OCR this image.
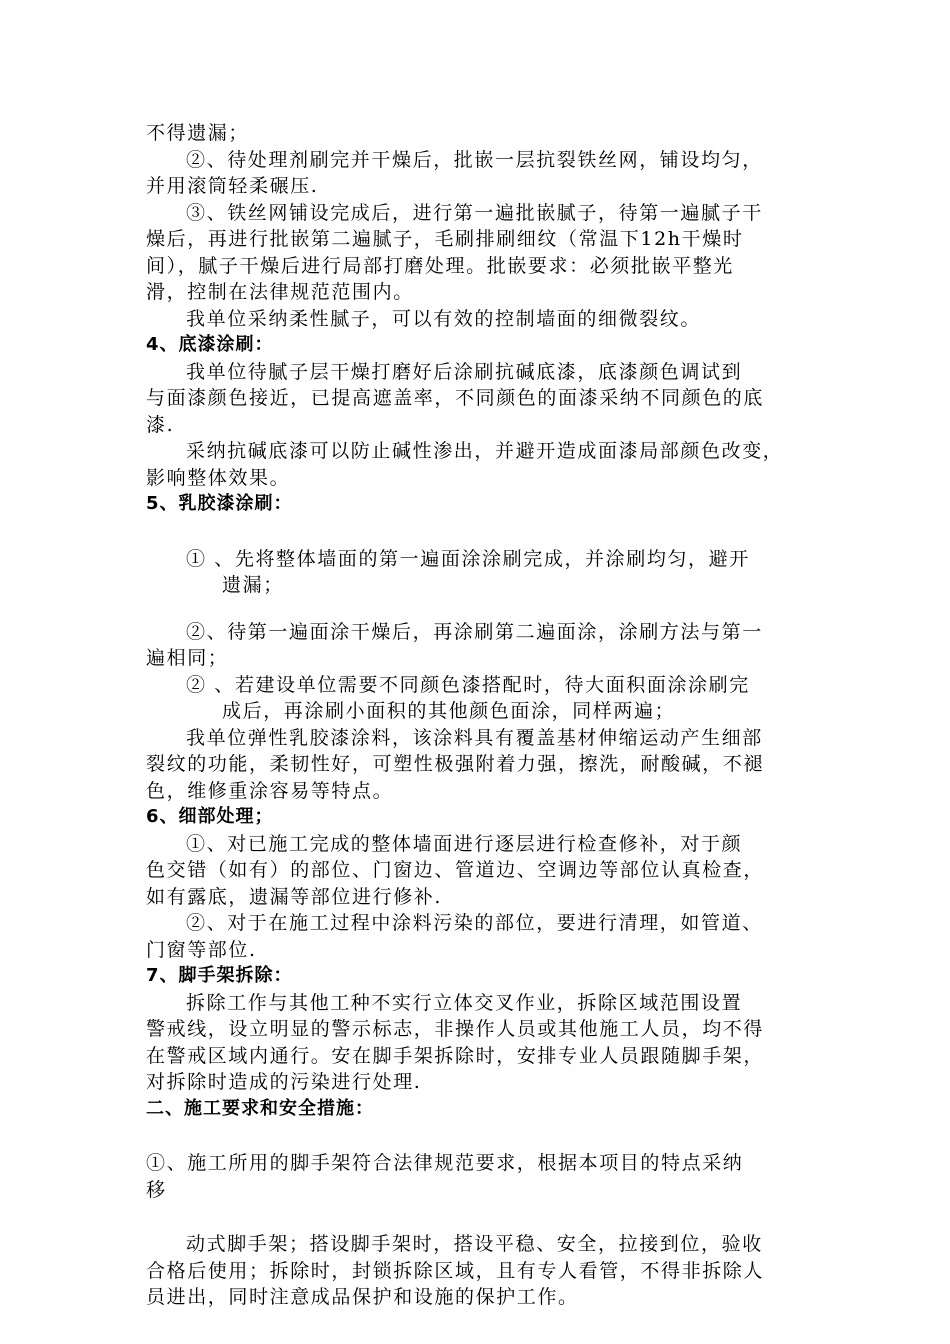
不得遗漏；
②、待处理剂刷完并干燥后，批嵌一层抗裂铁丝网，铺设均匀，
并用滚筒轻柔碾压.
③、铁丝网铺设完成后，进行第一遍批嵌腻子，待第一遍腻子干
燥后，再进行批嵌第二遍腻子，毛刷排刷细纹（常温下12h干燥时
间），腻子干燥后进行局部打磨处理。批嵌要求：必须批嵌平整光
滑，控制在法律规范范围内。
我单位采纳柔性腻子，可以有效的控制墙面的细微裂纹。
4、底漆涂刷：
我单位待腻子层干燥打磨好后涂刷抗碱底漆，底漆颜色调试到
与面漆颜色接近，已提高遮盖率，不同颜色的面漆采纳不同颜色的底
漆.
采纳抗碱底漆可以防止碱性渗出，并避开造成面漆局部颜色改变，
影响整体效果。
5、乳胶漆涂刷：
① 、先将整体墙面的第一遍面涂涂刷完成，并涂刷均匀，避开
遗漏；
②、待第一遍面涂干燥后，再涂刷第二遍面涂，涂刷方法与第一
遍相同；
② 、若建设单位需要不同颜色漆搭配时，待大面积面涂涂刷完
成后，再涂刷小面积的其他颜色面涂，同样两遍；
我单位弹性乳胶漆涂料，该涂料具有覆盖基材伸缩运动产生细部
裂纹的功能，柔韧性好，可塑性极强附着力强，擦洗，耐酸碱，不褪
色，维修重涂容易等特点。
6、细部处理；
①、对已施工完成的整体墙面进行逐层进行检查修补，对于颜
色交错（如有）的部位、门窗边、管道边、空调边等部位认真检查，
如有露底，遗漏等部位进行修补.
②、对于在施工过程中涂料污染的部位，要进行清理，如管道、
门窗等部位.
7、脚手架拆除：
拆除工作与其他工种不实行立体交叉作业，拆除区域范围设置
警戒线，设立明显的警示标志，非操作人员或其他施工人员，均不得
在警戒区域内通行。安在脚手架拆除时，安排专业人员跟随脚手架，
对拆除时造成的污染进行处理.
二、施工要求和安全措施：
①、施工所用的脚手架符合法律规范要求，根据本项目的特点采纳
移
动式脚手架；搭设脚手架时，搭设平稳、安全，拉接到位，验收
合格后使用；拆除时，封锁拆除区域，且有专人看管，不得非拆除人
员进出，同时注意成品保护和设施的保护工作。
